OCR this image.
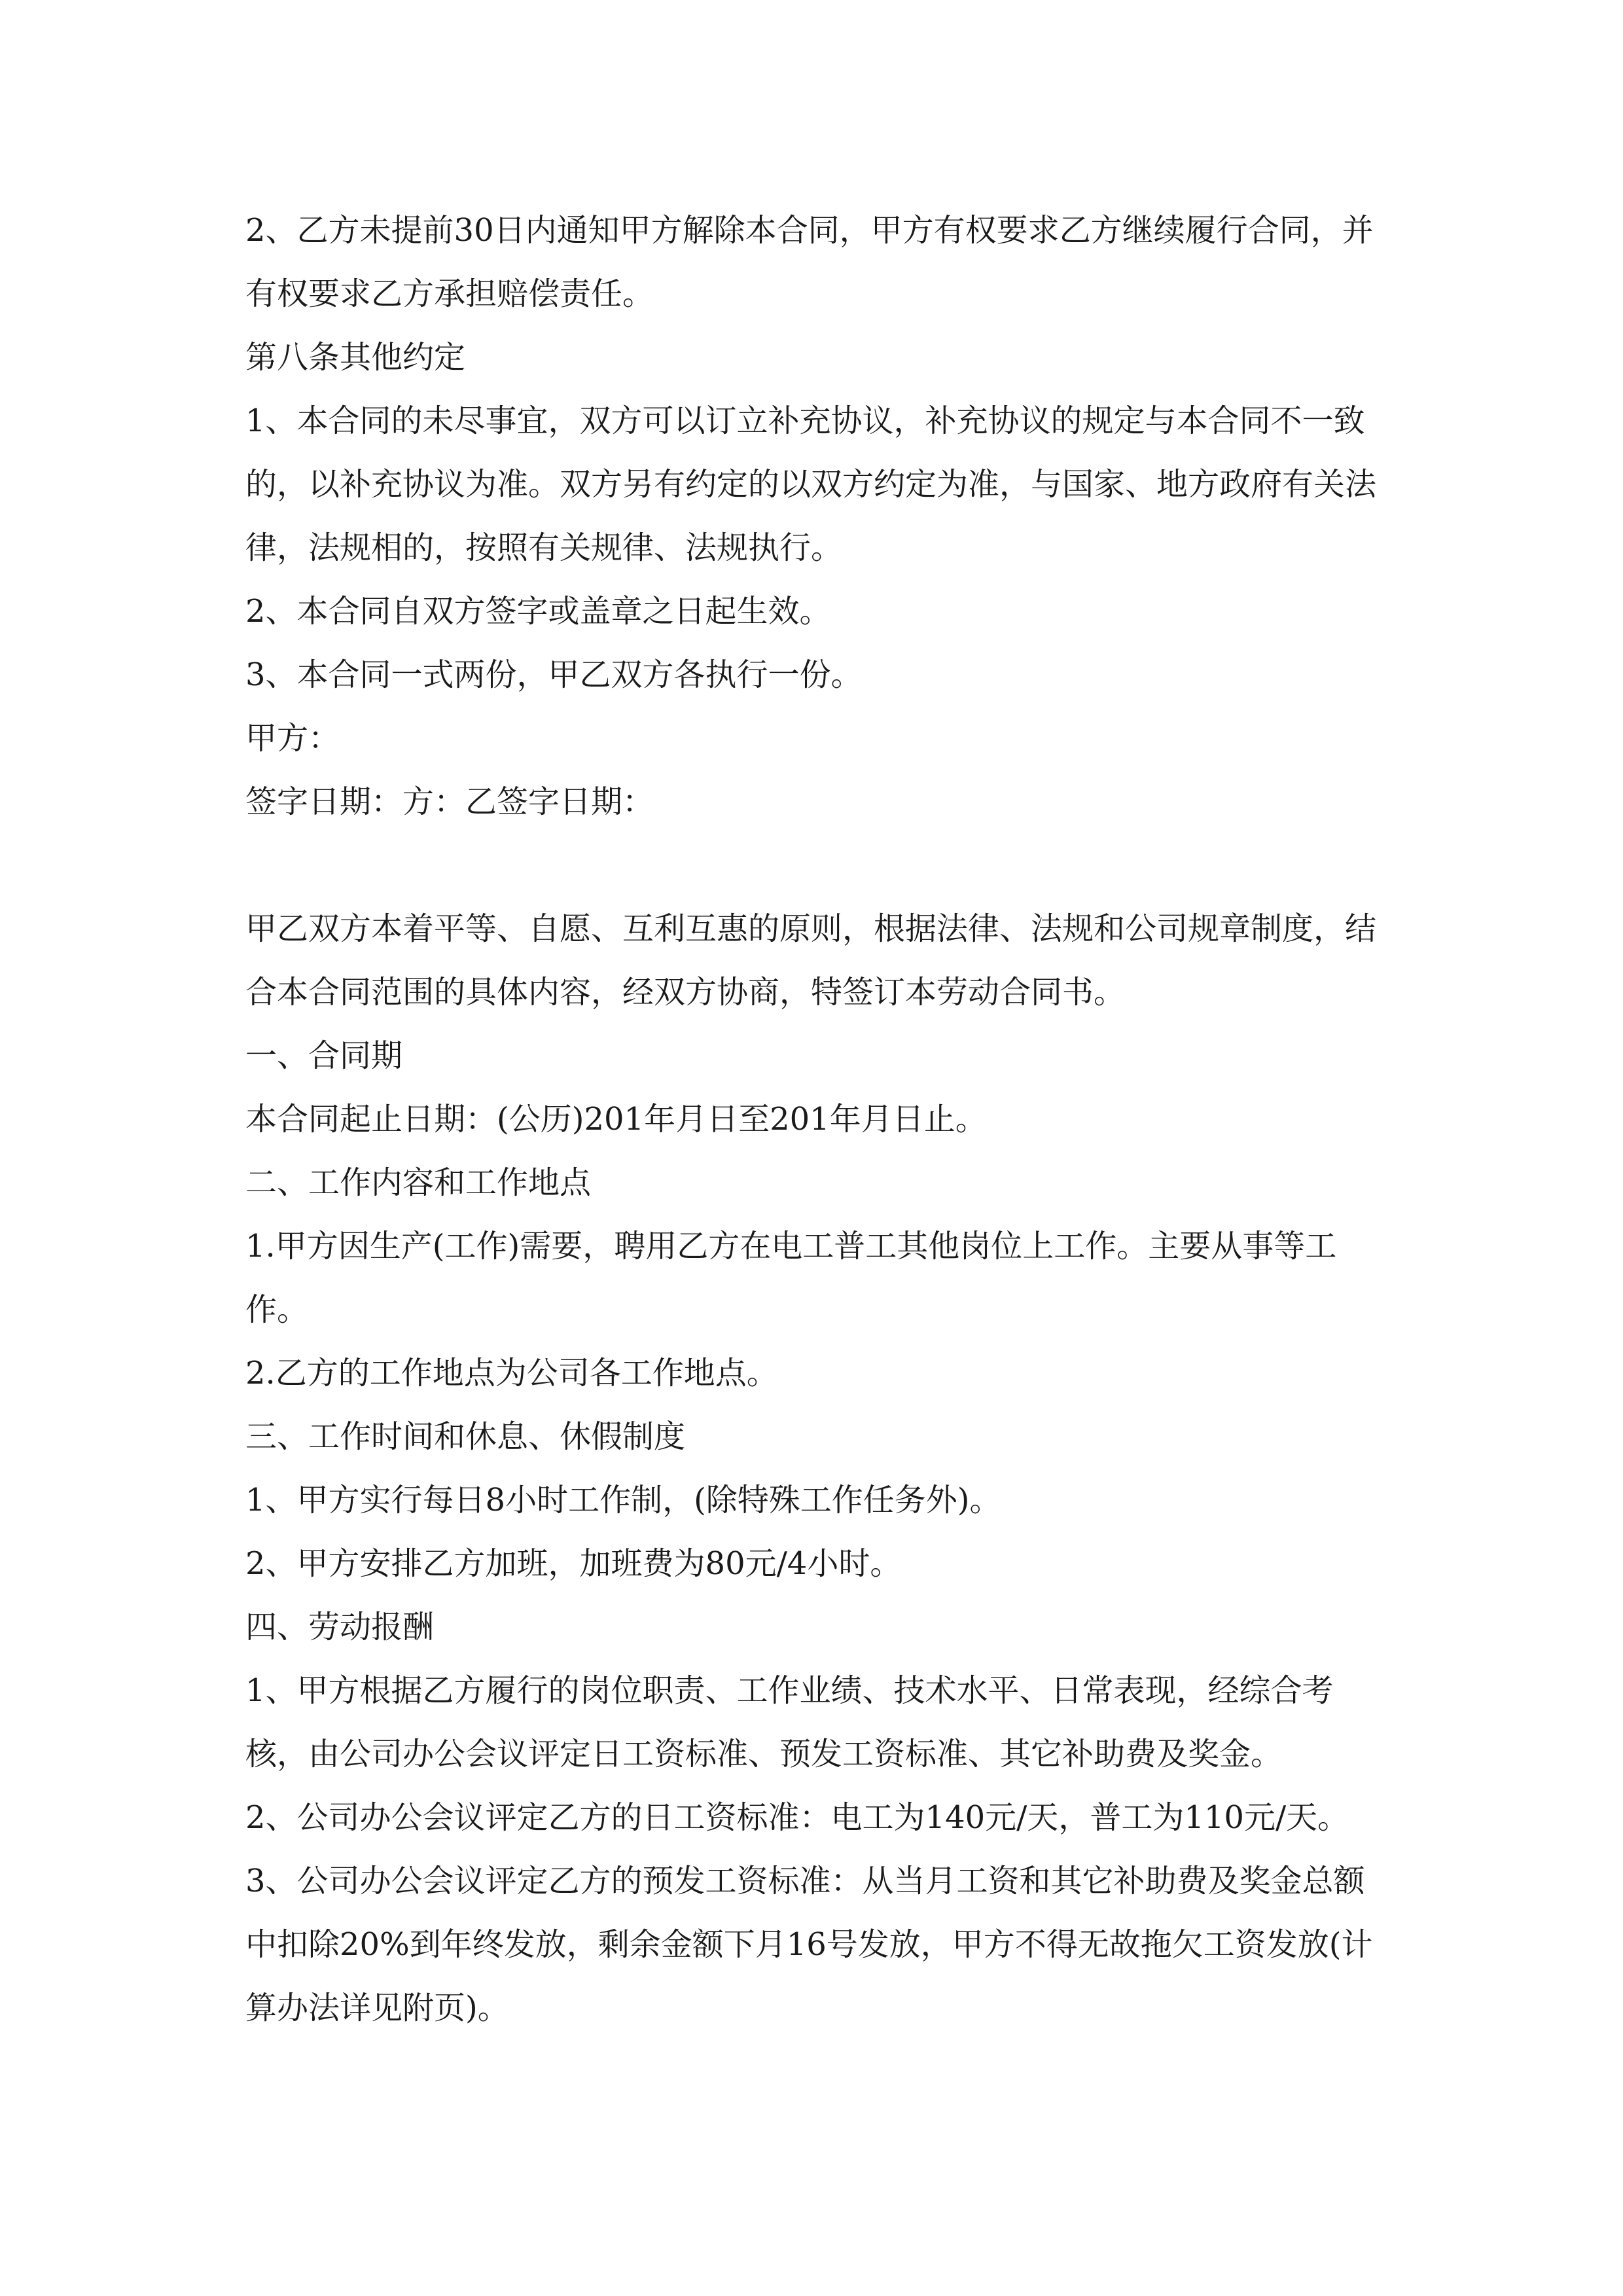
2、乙方未提前30日内通知甲方解除本合同，甲方有权要求乙方继续履行合同，并有权要求乙方承担赔偿责任。

第八条其他约定

1、本合同的未尽事宜，双方可以订立补充协议，补充协议的规定与本合同不一致的，以补充协议为准。双方另有约定的以双方约定为准，与国家、地方政府有关法律，法规相的，按照有关规律、法规执行。

2、本合同自双方签字或盖章之日起生效。

3、本合同一式两份，甲乙双方各执行一份。

甲方：

签字日期：方：乙签字日期：

甲乙双方本着平等、自愿、互利互惠的原则，根据法律、法规和公司规章制度，结合本合同范围的具体内容，经双方协商，特签订本劳动合同书。

一、合同期

本合同起止日期：(公历)201年月日至201年月日止。

二、工作内容和工作地点

1.甲方因生产(工作)需要，聘用乙方在电工普工其他岗位上工作。主要从事等工作。

2.乙方的工作地点为公司各工作地点。

三、工作时间和休息、休假制度

1、甲方实行每日8小时工作制，(除特殊工作任务外)。

2、甲方安排乙方加班，加班费为80元/4小时。

四、劳动报酬

1、甲方根据乙方履行的岗位职责、工作业绩、技术水平、日常表现，经综合考核，由公司办公会议评定日工资标准、预发工资标准、其它补助费及奖金。

2、公司办公会议评定乙方的日工资标准：电工为140元/天，普工为110元/天。

3、公司办公会议评定乙方的预发工资标准：从当月工资和其它补助费及奖金总额中扣除20%到年终发放，剩余金额下月16号发放，甲方不得无故拖欠工资发放(计算办法详见附页)。
